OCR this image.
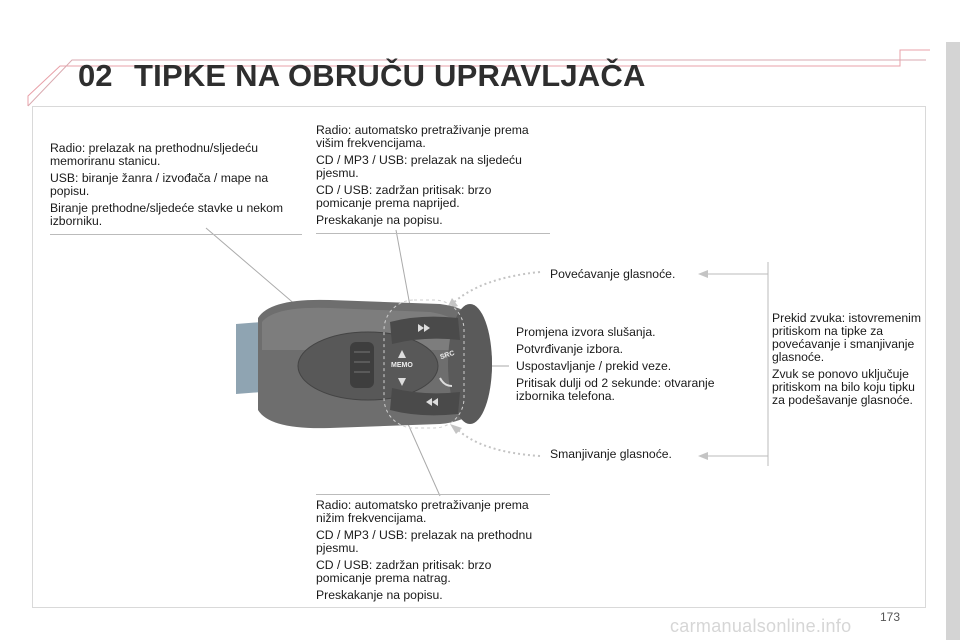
MEMO
SRC
02 TIPKE NA OBRUČU UPRAVLJAČA

Radio: prelazak na prethodnu/sljedeću memoriranu stanicu.

USB: biranje žanra / izvođača / mape na popisu.

Biranje prethodne/sljedeće stavke u nekom izborniku.

Radio: automatsko pretraživanje prema višim frekvencijama.

CD / MP3 / USB: prelazak na sljedeću pjesmu.

CD / USB: zadržan pritisak: brzo pomicanje prema naprijed.

Preskakanje na popisu.

Povećavanje glasnoće.

Promjena izvora slušanja.

Potvrđivanje izbora.

Uspostavljanje / prekid veze.

Pritisak dulji od 2 sekunde: otvaranje izbornika telefona.

Smanjivanje glasnoće.

Prekid zvuka: istovremenim pritiskom na tipke za povećavanje i smanjivanje glasnoće.

Zvuk se ponovo uključuje pritiskom na bilo koju tipku za podešavanje glasnoće.

Radio: automatsko pretraživanje prema nižim frekvencijama.

CD / MP3 / USB: prelazak na prethodnu pjesmu.

CD / USB: zadržan pritisak: brzo pomicanje prema natrag.

Preskakanje na popisu.

carmanualsonline.info 173
